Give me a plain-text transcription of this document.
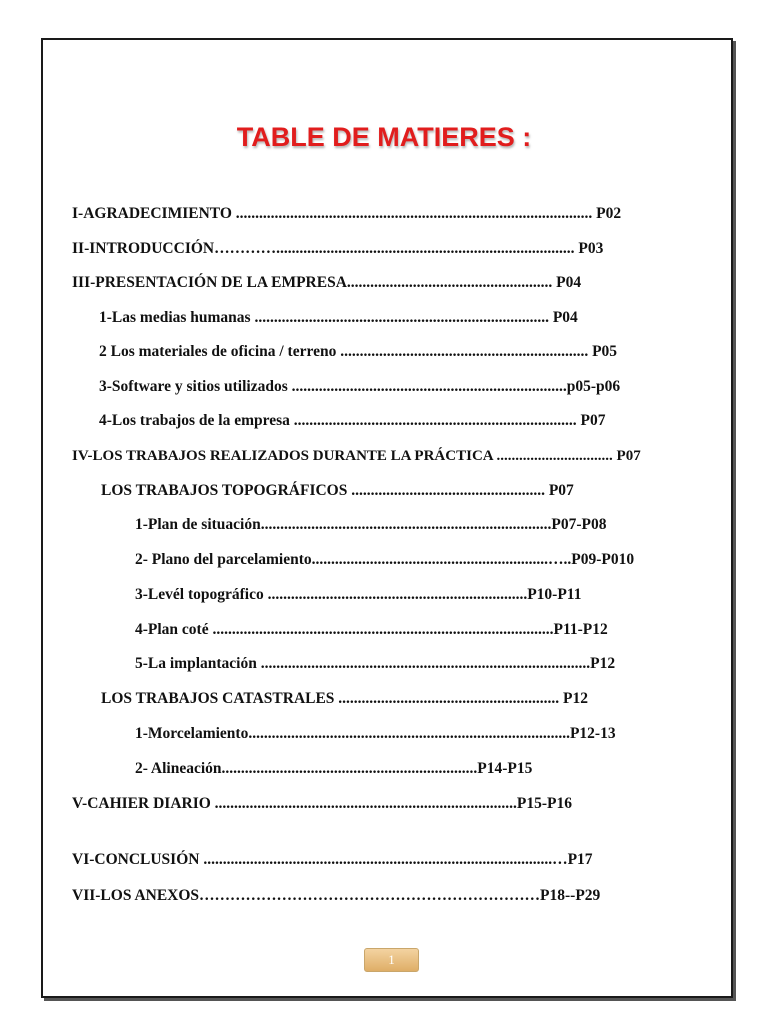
TABLE DE MATIERES :
I-AGRADECIMIENTO ............................................................................................ P02
II-INTRODUCCIÓN…………............................................................................. P03
III-PRESENTACIÓN DE LA EMPRESA..................................................... P04
1-Las medias humanas ............................................................................ P04
2 Los materiales de oficina / terreno ................................................................ P05
3-Software y sitios utilizados .......................................................................p05-p06
4-Los trabajos de la empresa ......................................................................... P07
IV-LOS TRABAJOS REALIZADOS DURANTE LA PRÁCTICA ............................... P07
LOS TRABAJOS TOPOGRÁFICOS .................................................. P07
1-Plan de situación...........................................................................P07-P08
2- Plano del parcelamiento.............................................................…..P09-P010
3-Levél topográfico ...................................................................P10-P11
4-Plan coté ........................................................................................P11-P12
5-La implantación .....................................................................................P12
LOS TRABAJOS CATASTRALES ......................................................... P12
1-Morcelamiento...................................................................................P12-13
2- Alineación..................................................................P14-P15
V-CAHIER DIARIO ..............................................................................P15-P16
VI-CONCLUSIÓN ..........................................................................................…P17
VII-LOS ANEXOS…………………………………………………………P18--P29
1
